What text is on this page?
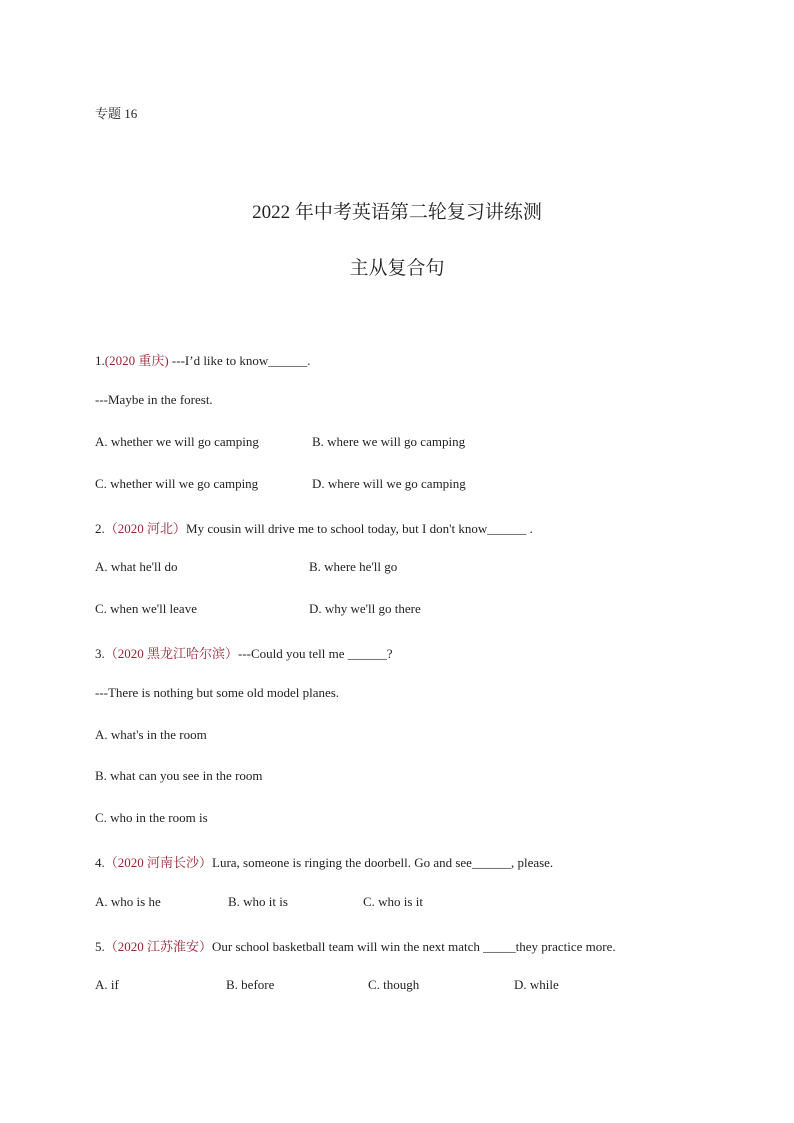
专题 16
2022 年中考英语第二轮复习讲练测
主从复合句
1.(2020 重庆) ---I’d like to know______.
---Maybe in the forest.
A. whether we will go camping	B. where we will go camping
C. whether will we go camping	D. where will we go camping
2.（2020 河北）My cousin will drive me to school today, but I don't know______ .
A. what he'll do	B. where he'll go
C. when we'll leave	D. why we'll go there
3.（2020 黑龙江哈尔滨）---Could you tell me ______?
---There is nothing but some old model planes.
A. what's in the room
B. what can you see in the room
C. who in the room is
4.（2020 河南长沙）Lura, someone is ringing the doorbell. Go and see______, please.
A. who is he	B. who it is	C. who is it
5.（2020 江苏淮安）Our school basketball team will win the next match _____they practice more.
A. if	B. before	C. though	D. while
